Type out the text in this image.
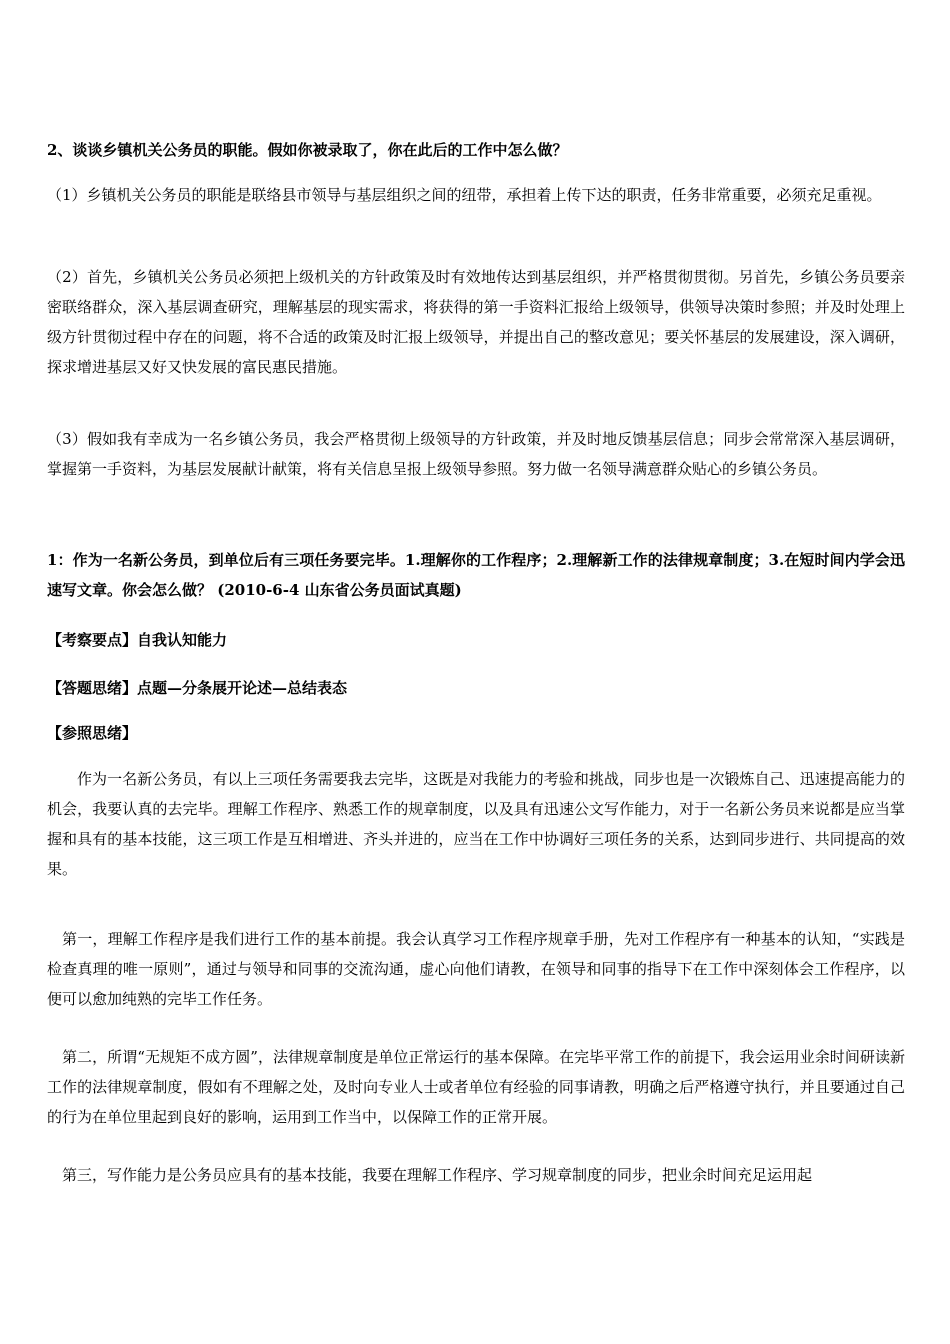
2、谈谈乡镇机关公务员的职能。假如你被录取了，你在此后的工作中怎么做？

（1）乡镇机关公务员的职能是联络县市领导与基层组织之间的纽带，承担着上传下达的职责，任务非常重要，必须充足重视。

（2）首先，乡镇机关公务员必须把上级机关的方针政策及时有效地传达到基层组织，并严格贯彻贯彻。另首先，乡镇公务员要亲密联络群众，深入基层调查研究，理解基层的现实需求，将获得的第一手资料汇报给上级领导，供领导决策时参照；并及时处理上级方针贯彻过程中存在的问题，将不合适的政策及时汇报上级领导，并提出自己的整改意见；要关怀基层的发展建设，深入调研，探求增进基层又好又快发展的富民惠民措施。

（3）假如我有幸成为一名乡镇公务员，我会严格贯彻上级领导的方针政策，并及时地反馈基层信息；同步会常常深入基层调研，掌握第一手资料，为基层发展献计献策，将有关信息呈报上级领导参照。努力做一名领导满意群众贴心的乡镇公务员。

1：作为一名新公务员，到单位后有三项任务要完毕。1.理解你的工作程序；2.理解新工作的法律规章制度；3.在短时间内学会迅速写文章。你会怎么做？ (2010-6-4 山东省公务员面试真题)

【考察要点】自我认知能力

【答题思绪】点题—分条展开论述—总结表态

【参照思绪】

作为一名新公务员，有以上三项任务需要我去完毕，这既是对我能力的考验和挑战，同步也是一次锻炼自己、迅速提高能力的机会，我要认真的去完毕。理解工作程序、熟悉工作的规章制度，以及具有迅速公文写作能力，对于一名新公务员来说都是应当掌握和具有的基本技能，这三项工作是互相增进、齐头并进的，应当在工作中协调好三项任务的关系，达到同步进行、共同提高的效果。

第一，理解工作程序是我们进行工作的基本前提。我会认真学习工作程序规章手册，先对工作程序有一种基本的认知，“实践是检查真理的唯一原则”，通过与领导和同事的交流沟通，虚心向他们请教，在领导和同事的指导下在工作中深刻体会工作程序，以便可以愈加纯熟的完毕工作任务。

第二，所谓“无规矩不成方圆”，法律规章制度是单位正常运行的基本保障。在完毕平常工作的前提下，我会运用业余时间研读新工作的法律规章制度，假如有不理解之处，及时向专业人士或者单位有经验的同事请教，明确之后严格遵守执行，并且要通过自己的行为在单位里起到良好的影响，运用到工作当中，以保障工作的正常开展。

第三，写作能力是公务员应具有的基本技能，我要在理解工作程序、学习规章制度的同步，把业余时间充足运用起
